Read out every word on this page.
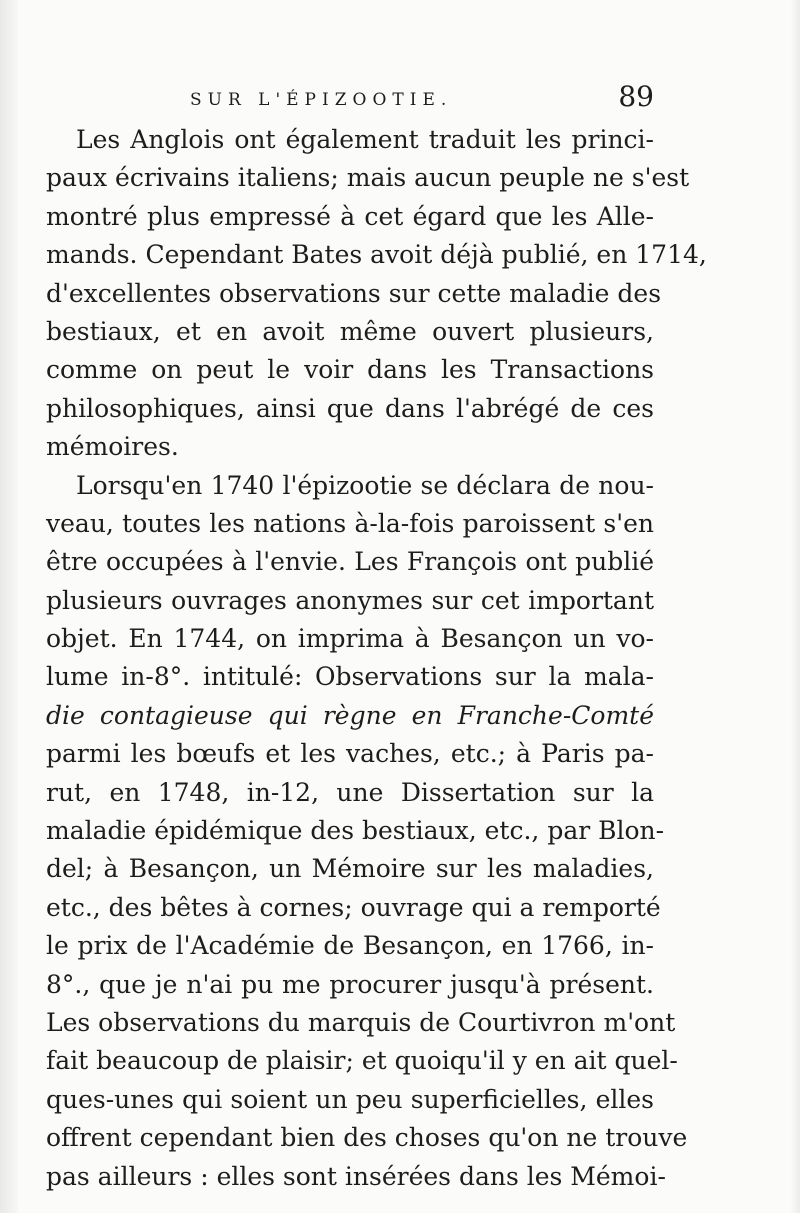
SUR L'ÉPIZOOTIE.	89
Les Anglois ont également traduit les princi-
paux écrivains italiens; mais aucun peuple ne s'est
montré plus empressé à cet égard que les Alle-
mands. Cependant Bates avoit déjà publié, en 1714,
d'excellentes observations sur cette maladie des
bestiaux, et en avoit même ouvert plusieurs,
comme on peut le voir dans les Transactions
philosophiques, ainsi que dans l'abrégé de ces
mémoires.
Lorsqu'en 1740 l'épizootie se déclara de nou-
veau, toutes les nations à-la-fois paroissent s'en
être occupées à l'envie. Les François ont publié
plusieurs ouvrages anonymes sur cet important
objet. En 1744, on imprima à Besançon un vo-
lume in-8°. intitulé: Observations sur la mala-
die contagieuse qui règne en Franche-Comté
parmi les bœufs et les vaches, etc.; à Paris pa-
rut, en 1748, in-12, une Dissertation sur la
maladie épidémique des bestiaux, etc., par Blon-
del; à Besançon, un Mémoire sur les maladies,
etc., des bêtes à cornes; ouvrage qui a remporté
le prix de l'Académie de Besançon, en 1766, in-
8°., que je n'ai pu me procurer jusqu'à présent.
Les observations du marquis de Courtivron m'ont
fait beaucoup de plaisir; et quoiqu'il y en ait quel-
ques-unes qui soient un peu superficielles, elles
offrent cependant bien des choses qu'on ne trouve
pas ailleurs : elles sont insérées dans les Mémoi-
